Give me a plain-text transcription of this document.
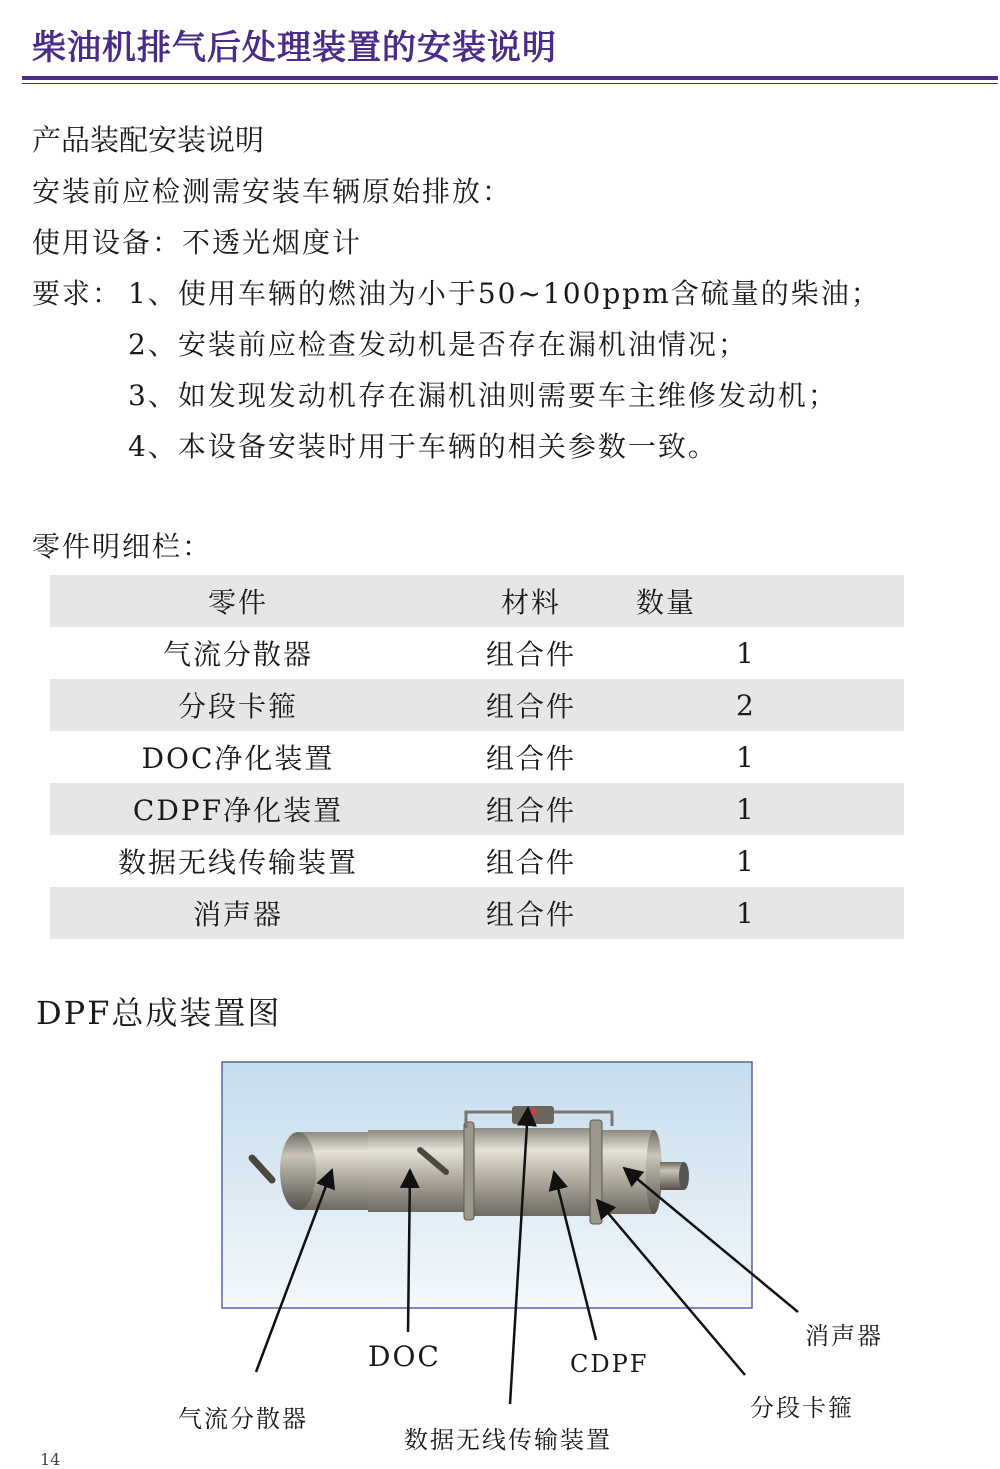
柴油机排气后处理装置的安装说明
产品装配安装说明
安装前应检测需安装车辆原始排放：
使用设备：不透光烟度计
要求： 1、使用车辆的燃油为小于50~100ppm含硫量的柴油；
2、安装前应检查发动机是否存在漏机油情况；
3、如发现发动机存在漏机油则需要车主维修发动机；
4、本设备安装时用于车辆的相关参数一致。
零件明细栏：
零件	材料	数量
气流分散器	组合件	1
分段卡箍	组合件	2
DOC净化装置	组合件	1
CDPF净化装置	组合件	1
数据无线传输装置	组合件	1
消声器	组合件	1
DPF总成装置图
气流分散器
DOC
数据无线传输装置
CDPF
分段卡箍
消声器
14
